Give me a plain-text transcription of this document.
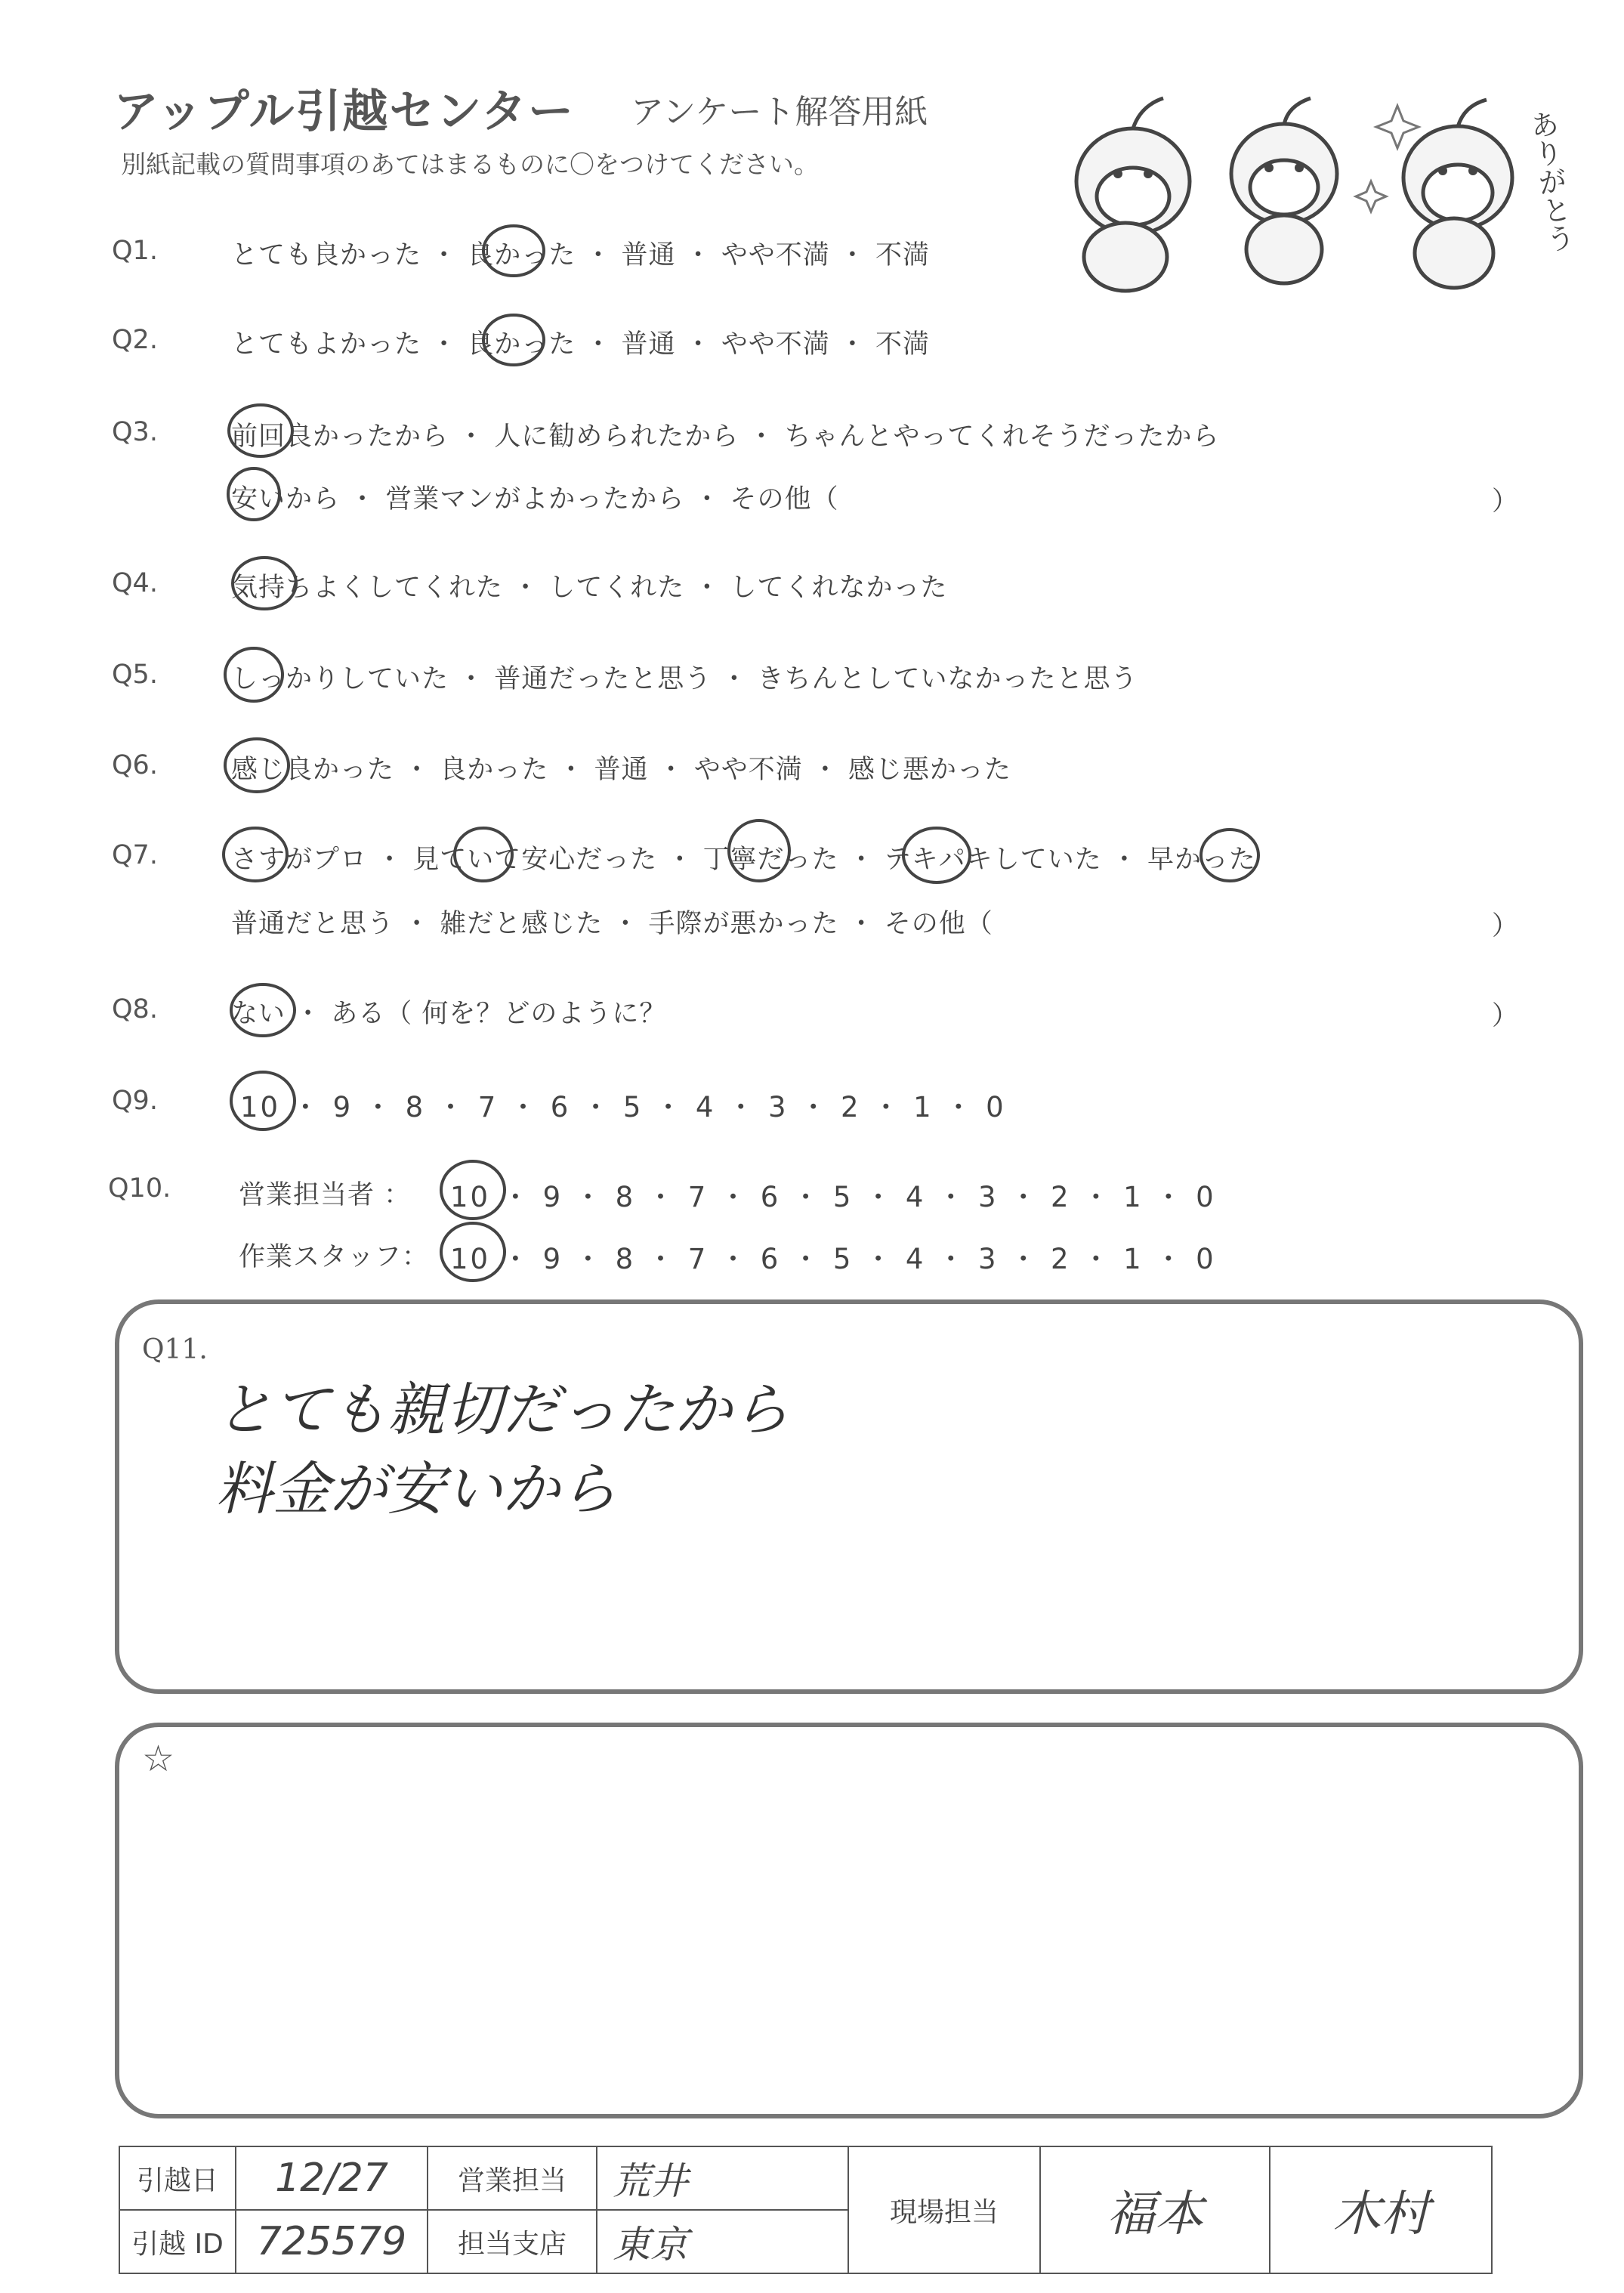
アップル引越センター アンケート解答用紙
別紙記載の質問事項のあてはまるものに〇をつけてください。	ありがとう
Q1.	とても良かった ・ 良かった ・ 普通 ・ やや不満 ・ 不満
Q2.	とてもよかった ・ 良かった ・ 普通 ・ やや不満 ・ 不満
Q3.	前回良かったから ・ 人に勧められたから ・ ちゃんとやってくれそうだったから
安いから ・ 営業マンがよかったから ・ その他（	）
Q4.	気持ちよくしてくれた ・ してくれた ・ してくれなかった
Q5.	しっかりしていた ・ 普通だったと思う ・ きちんとしていなかったと思う
Q6.	感じ良かった ・ 良かった ・ 普通 ・ やや不満 ・ 感じ悪かった
Q7.	さすがプロ ・ 見ていて安心だった ・ 丁寧だった ・ テキパキしていた ・ 早かった
普通だと思う ・ 雑だと感じた ・ 手際が悪かった ・ その他（	）
Q8.	ない ・ ある（ 何を？どのように？	）
Q9.	10 ・ 9 ・ 8 ・ 7 ・ 6 ・ 5 ・ 4 ・ 3 ・ 2 ・ 1 ・ 0
Q10.	営業担当者 ： 10 ・ 9 ・ 8 ・ 7 ・ 6 ・ 5 ・ 4 ・ 3 ・ 2 ・ 1 ・ 0
作業スタッフ： 10 ・ 9 ・ 8 ・ 7 ・ 6 ・ 5 ・ 4 ・ 3 ・ 2 ・ 1 ・ 0
Q11.
とても親切だったから
料金が安いから
☆
引越日	12/27	営業担当	荒井	現場担当	福本	木村
引越 ID	725579	担当支店	東京			
